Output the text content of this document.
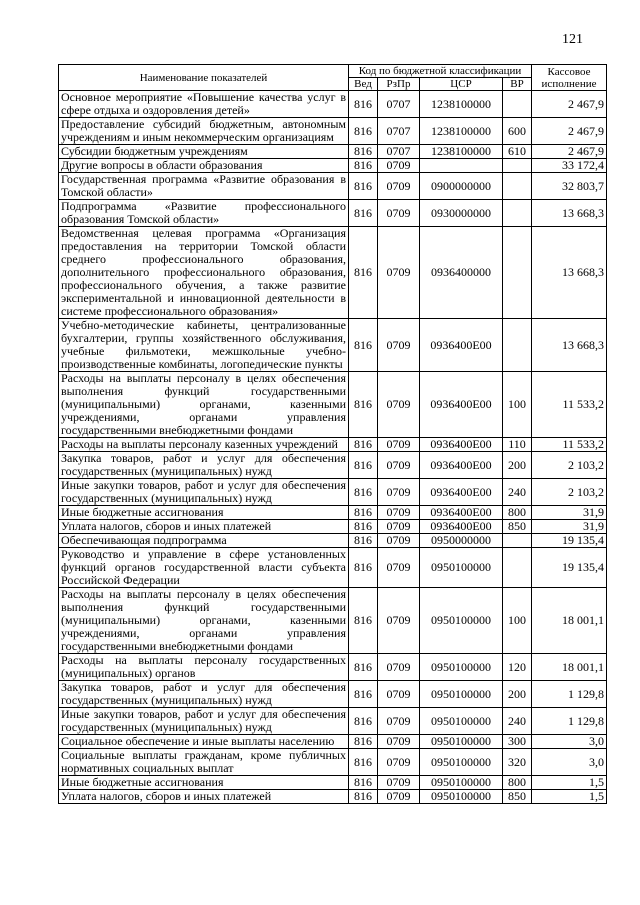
121
Наименование показателей	Код по бюджетной классификации				Кассовое исполнение
	Вед	РзПр	ЦСР	ВР	
Основное мероприятие «Повышение качества услуг в сфере отдыха и оздоровления детей»	816	0707	1238100000		2 467,9
Предоставление субсидий бюджетным, автономным учреждениям и иным некоммерческим организациям	816	0707	1238100000	600	2 467,9
Субсидии бюджетным учреждениям	816	0707	1238100000	610	2 467,9
Другие вопросы в области образования	816	0709			33 172,4
Государственная программа «Развитие образования в Томской области»	816	0709	0900000000		32 803,7
Подпрограмма «Развитие профессионального образования Томской области»	816	0709	0930000000		13 668,3
Ведомственная целевая программа «Организация предоставления на территории Томской области среднего профессионального образования, дополнительного профессионального образования, профессионального обучения, а также развитие экспериментальной и инновационной деятельности в системе профессионального образования»	816	0709	0936400000		13 668,3
Учебно-методические кабинеты, централизованные бухгалтерии, группы хозяйственного обслуживания, учебные фильмотеки, межшкольные учебно-производственные комбинаты, логопедические пункты	816	0709	0936400E00		13 668,3
Расходы на выплаты персоналу в целях обеспечения выполнения функций государственными (муниципальными) органами, казенными учреждениями, органами управления государственными внебюджетными фондами	816	0709	0936400E00	100	11 533,2
Расходы на выплаты персоналу казенных учреждений	816	0709	0936400E00	110	11 533,2
Закупка товаров, работ и услуг для обеспечения государственных (муниципальных) нужд	816	0709	0936400E00	200	2 103,2
Иные закупки товаров, работ и услуг для обеспечения государственных (муниципальных) нужд	816	0709	0936400E00	240	2 103,2
Иные бюджетные ассигнования	816	0709	0936400E00	800	31,9
Уплата налогов, сборов и иных платежей	816	0709	0936400E00	850	31,9
Обеспечивающая подпрограмма	816	0709	0950000000		19 135,4
Руководство и управление в сфере установленных функций органов государственной власти субъекта Российской Федерации	816	0709	0950100000		19 135,4
Расходы на выплаты персоналу в целях обеспечения выполнения функций государственными (муниципальными) органами, казенными учреждениями, органами управления государственными внебюджетными фондами	816	0709	0950100000	100	18 001,1
Расходы на выплаты персоналу государственных (муниципальных) органов	816	0709	0950100000	120	18 001,1
Закупка товаров, работ и услуг для обеспечения государственных (муниципальных) нужд	816	0709	0950100000	200	1 129,8
Иные закупки товаров, работ и услуг для обеспечения государственных (муниципальных) нужд	816	0709	0950100000	240	1 129,8
Социальное обеспечение и иные выплаты населению	816	0709	0950100000	300	3,0
Социальные выплаты гражданам, кроме публичных нормативных социальных выплат	816	0709	0950100000	320	3,0
Иные бюджетные ассигнования	816	0709	0950100000	800	1,5
Уплата налогов, сборов и иных платежей	816	0709	0950100000	850	1,5
